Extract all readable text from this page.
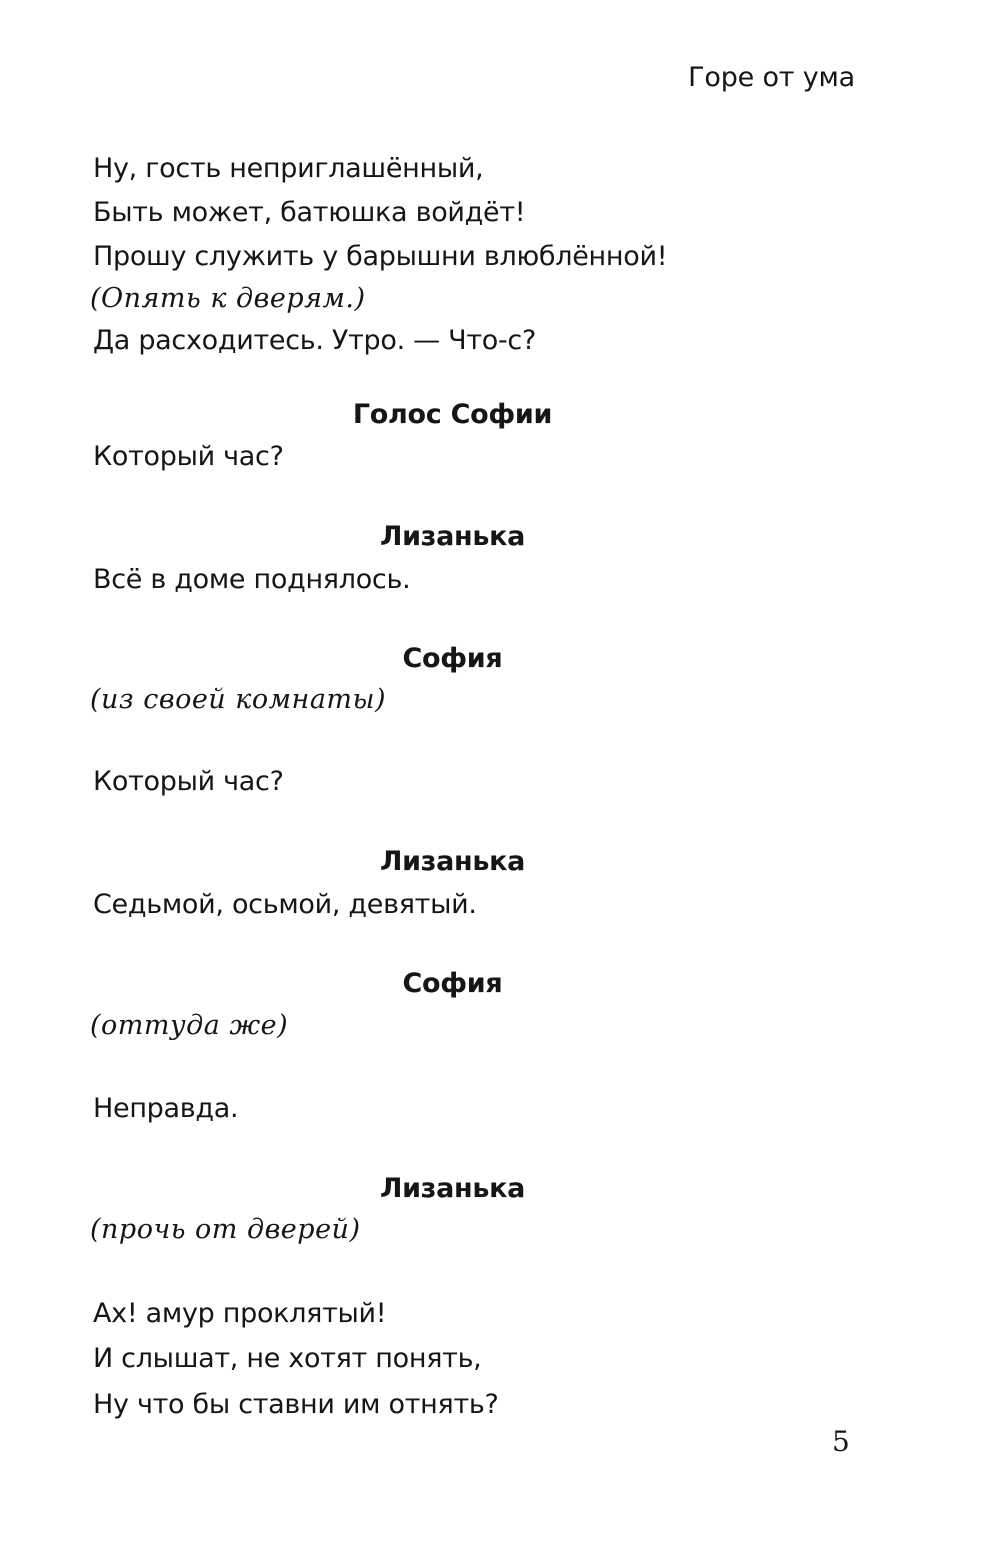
Горе от ума
Ну, гость неприглашённый,
Быть может, батюшка войдёт!
Прошу служить у барышни влюблённой!
(Опять к дверям.)
Да расходитесь. Утро. — Что-с?
Голос Софии
Который час?
Лизанька
Всё в доме поднялось.
София
(из своей комнаты)
Который час?
Лизанька
Седьмой, осьмой, девятый.
София
(оттуда же)
Неправда.
Лизанька
(прочь от дверей)
Ах! амур проклятый!
И слышат, не хотят понять,
Ну что бы ставни им отнять?
5
